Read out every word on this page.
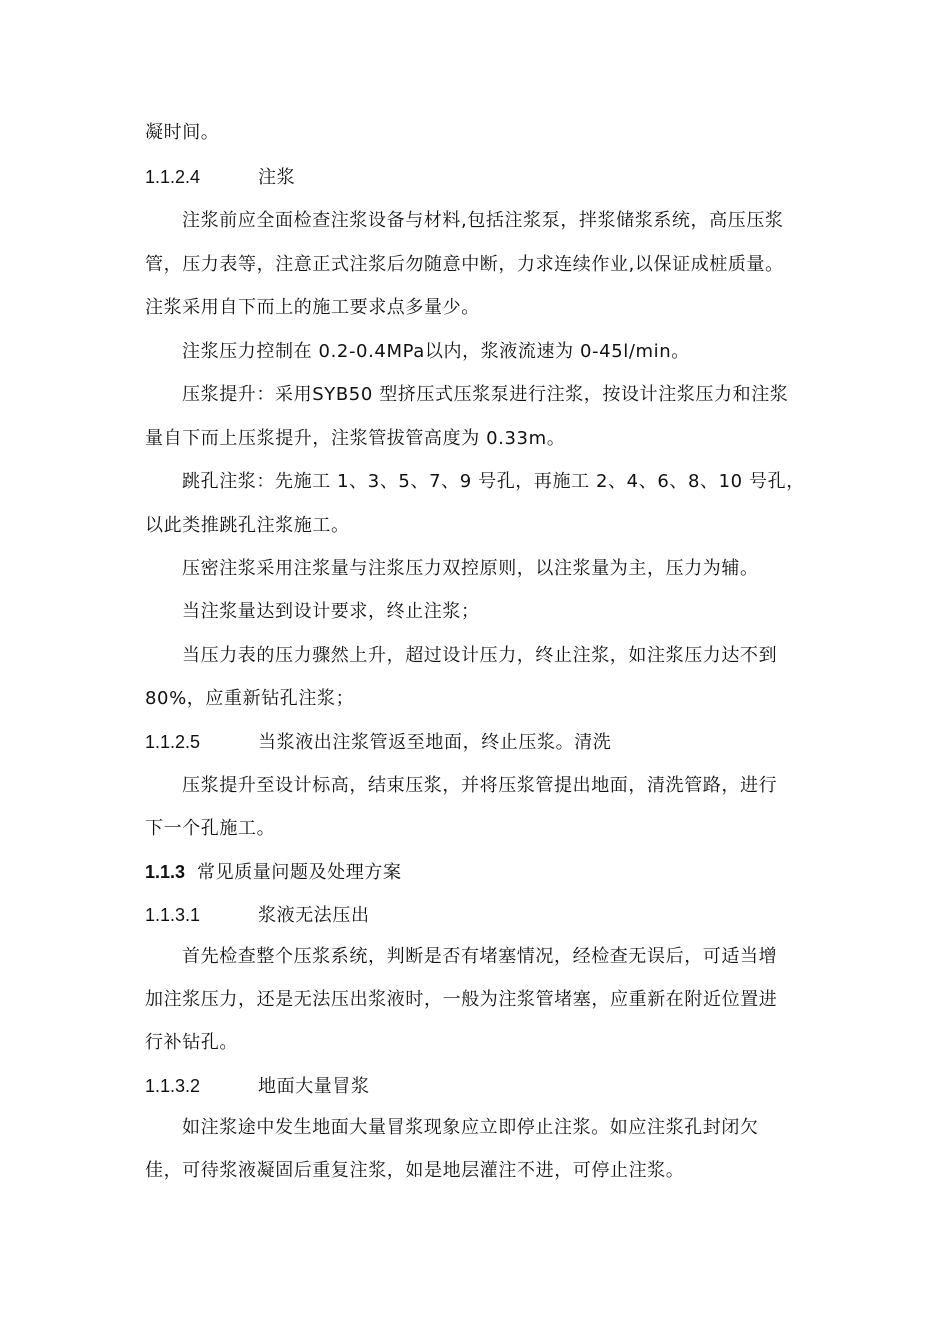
凝时间。
1.1.2.4	注浆
注浆前应全面检查注浆设备与材料,包括注浆泵，拌浆储浆系统，高压压浆
管，压力表等，注意正式注浆后勿随意中断，力求连续作业,以保证成桩质量。
注浆采用自下而上的施工要求点多量少。
注浆压力控制在 0.2-0.4MPa以内，浆液流速为 0-45l/min。
压浆提升：采用SYB50 型挤压式压浆泵进行注浆，按设计注浆压力和注浆
量自下而上压浆提升，注浆管拔管高度为 0.33m。
跳孔注浆：先施工 1、3、5、7、9 号孔，再施工 2、4、6、8、10 号孔，
以此类推跳孔注浆施工。
压密注浆采用注浆量与注浆压力双控原则，以注浆量为主，压力为辅。
当注浆量达到设计要求，终止注浆；
当压力表的压力骤然上升，超过设计压力，终止注浆，如注浆压力达不到
80%，应重新钻孔注浆；
1.1.2.5	当浆液出注浆管返至地面，终止压浆。清洗
压浆提升至设计标高，结束压浆，并将压浆管提出地面，清洗管路，进行
下一个孔施工。
1.1.3 常见质量问题及处理方案
1.1.3.1	浆液无法压出
首先检查整个压浆系统，判断是否有堵塞情况，经检查无误后，可适当增
加注浆压力，还是无法压出浆液时，一般为注浆管堵塞，应重新在附近位置进
行补钻孔。
1.1.3.2	地面大量冒浆
如注浆途中发生地面大量冒浆现象应立即停止注浆。如应注浆孔封闭欠
佳，可待浆液凝固后重复注浆，如是地层灌注不进，可停止注浆。
